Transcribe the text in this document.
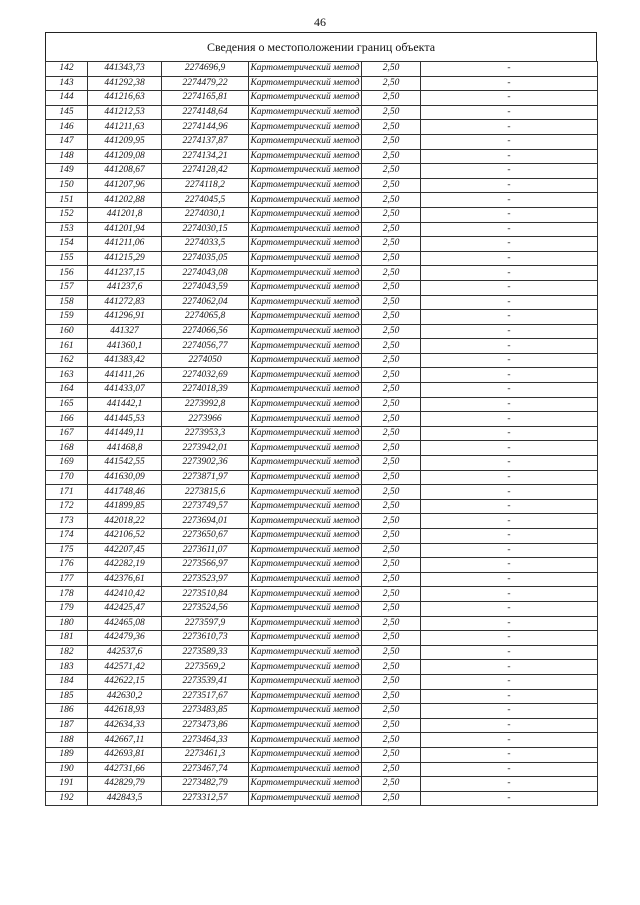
46
Сведения о местоположении границ объекта
142	441343,73	2274696,9	Картометрический метод	2,50	-
143	441292,38	2274479,22	Картометрический метод	2,50	-
144	441216,63	2274165,81	Картометрический метод	2,50	-
145	441212,53	2274148,64	Картометрический метод	2,50	-
146	441211,63	2274144,96	Картометрический метод	2,50	-
147	441209,95	2274137,87	Картометрический метод	2,50	-
148	441209,08	2274134,21	Картометрический метод	2,50	-
149	441208,67	2274128,42	Картометрический метод	2,50	-
150	441207,96	2274118,2	Картометрический метод	2,50	-
151	441202,88	2274045,5	Картометрический метод	2,50	-
152	441201,8	2274030,1	Картометрический метод	2,50	-
153	441201,94	2274030,15	Картометрический метод	2,50	-
154	441211,06	2274033,5	Картометрический метод	2,50	-
155	441215,29	2274035,05	Картометрический метод	2,50	-
156	441237,15	2274043,08	Картометрический метод	2,50	-
157	441237,6	2274043,59	Картометрический метод	2,50	-
158	441272,83	2274062,04	Картометрический метод	2,50	-
159	441296,91	2274065,8	Картометрический метод	2,50	-
160	441327	2274066,56	Картометрический метод	2,50	-
161	441360,1	2274056,77	Картометрический метод	2,50	-
162	441383,42	2274050	Картометрический метод	2,50	-
163	441411,26	2274032,69	Картометрический метод	2,50	-
164	441433,07	2274018,39	Картометрический метод	2,50	-
165	441442,1	2273992,8	Картометрический метод	2,50	-
166	441445,53	2273966	Картометрический метод	2,50	-
167	441449,11	2273953,3	Картометрический метод	2,50	-
168	441468,8	2273942,01	Картометрический метод	2,50	-
169	441542,55	2273902,36	Картометрический метод	2,50	-
170	441630,09	2273871,97	Картометрический метод	2,50	-
171	441748,46	2273815,6	Картометрический метод	2,50	-
172	441899,85	2273749,57	Картометрический метод	2,50	-
173	442018,22	2273694,01	Картометрический метод	2,50	-
174	442106,52	2273650,67	Картометрический метод	2,50	-
175	442207,45	2273611,07	Картометрический метод	2,50	-
176	442282,19	2273566,97	Картометрический метод	2,50	-
177	442376,61	2273523,97	Картометрический метод	2,50	-
178	442410,42	2273510,84	Картометрический метод	2,50	-
179	442425,47	2273524,56	Картометрический метод	2,50	-
180	442465,08	2273597,9	Картометрический метод	2,50	-
181	442479,36	2273610,73	Картометрический метод	2,50	-
182	442537,6	2273589,33	Картометрический метод	2,50	-
183	442571,42	2273569,2	Картометрический метод	2,50	-
184	442622,15	2273539,41	Картометрический метод	2,50	-
185	442630,2	2273517,67	Картометрический метод	2,50	-
186	442618,93	2273483,85	Картометрический метод	2,50	-
187	442634,33	2273473,86	Картометрический метод	2,50	-
188	442667,11	2273464,33	Картометрический метод	2,50	-
189	442693,81	2273461,3	Картометрический метод	2,50	-
190	442731,66	2273467,74	Картометрический метод	2,50	-
191	442829,79	2273482,79	Картометрический метод	2,50	-
192	442843,5	2273312,57	Картометрический метод	2,50	-
